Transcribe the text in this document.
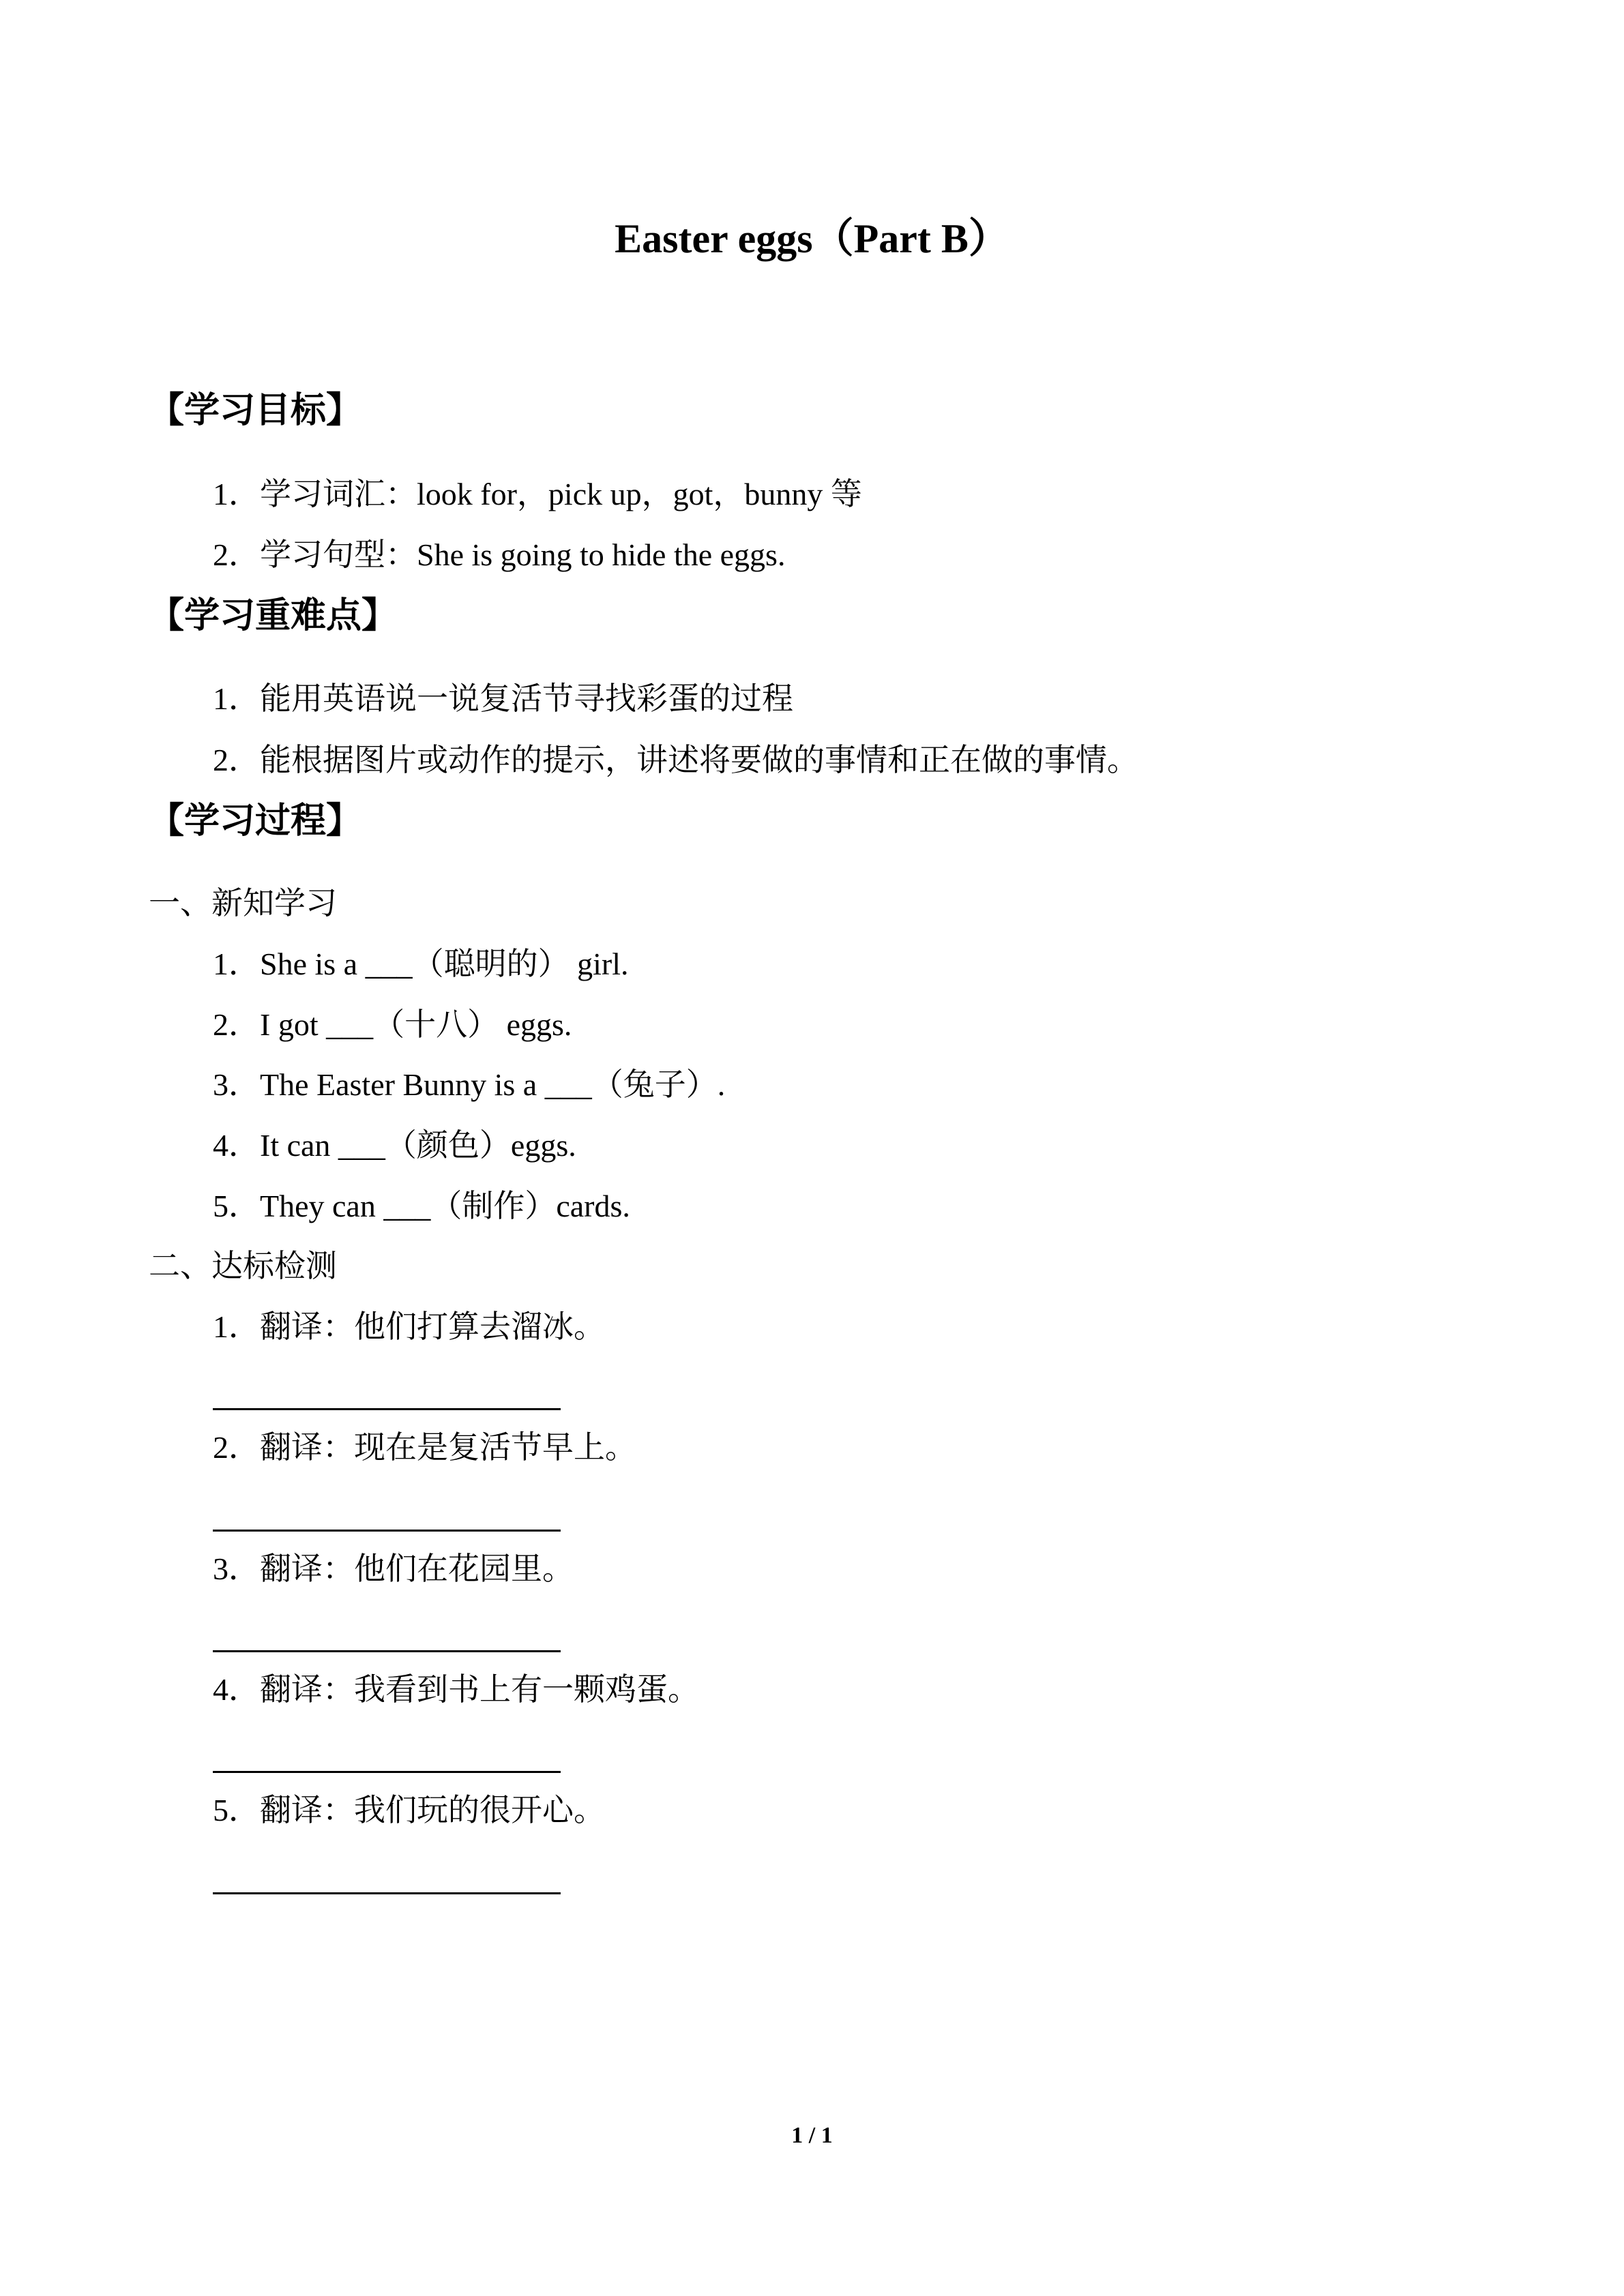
Easter eggs（Part B）
【学习目标】
1．学习词汇：look for，pick up，got，bunny 等
2．学习句型：She is going to hide the eggs.
【学习重难点】
1．能用英语说一说复活节寻找彩蛋的过程
2．能根据图片或动作的提示，讲述将要做的事情和正在做的事情。
【学习过程】
一、新知学习
1．She is a ___（聪明的） girl.
2．I got ___（十八） eggs.
3．The Easter Bunny is a ___（兔子）.
4．It can ___（颜色）eggs.
5．They can ___（制作）cards.
二、达标检测
1．翻译：他们打算去溜冰。
2．翻译：现在是复活节早上。
3．翻译：他们在花园里。
4．翻译：我看到书上有一颗鸡蛋。
5．翻译：我们玩的很开心。
1 / 1
